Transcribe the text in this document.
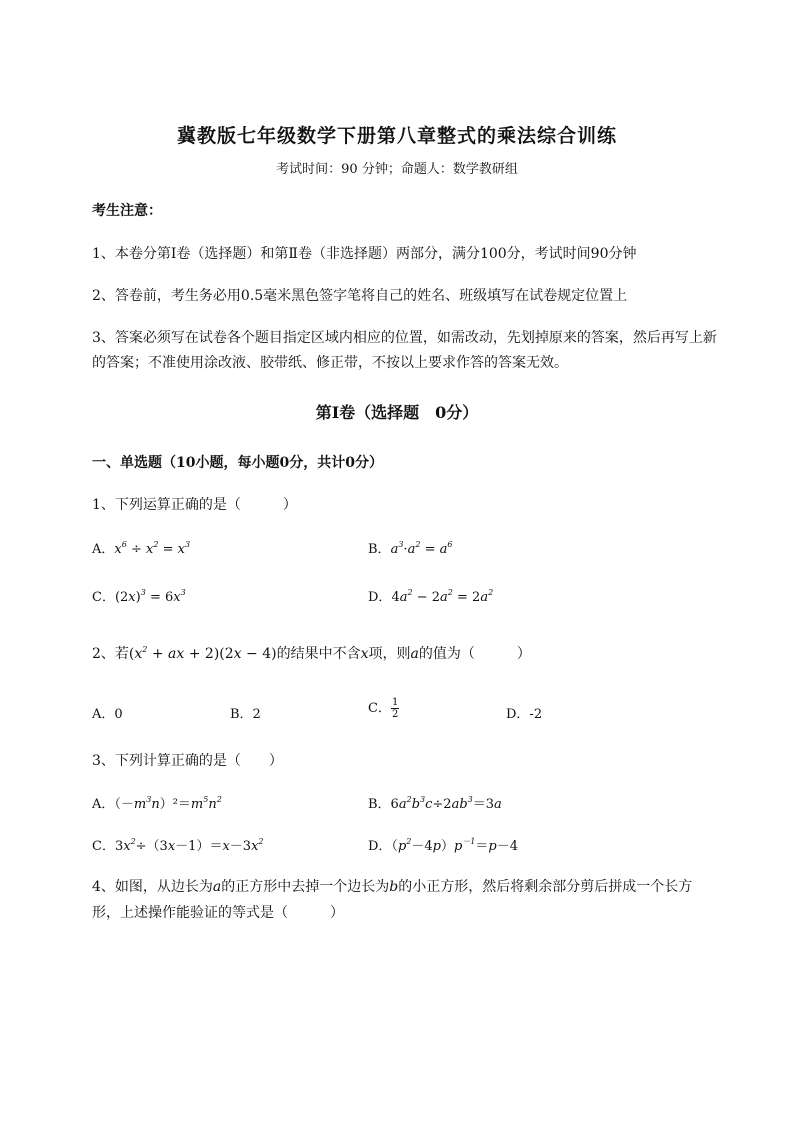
冀教版七年级数学下册第八章整式的乘法综合训练
考试时间：90 分钟；命题人：数学教研组
考生注意：
1、本卷分第Ⅰ卷（选择题）和第Ⅱ卷（非选择题）两部分，满分100分，考试时间90分钟
2、答卷前，考生务必用0.5毫米黑色签字笔将自己的姓名、班级填写在试卷规定位置上
3、答案必须写在试卷各个题目指定区域内相应的位置，如需改动，先划掉原来的答案，然后再写上新
的答案；不准使用涂改液、胶带纸、修正带，不按以上要求作答的答案无效。
第Ⅰ卷（选择题　0分）
一、单选题（10小题，每小题0分，共计0分）
1、下列运算正确的是（　　　）
A．$x^6 \div x^2 = x^3$	B．$a^3\cdot a^2 = a^6$
C．$(2x)^3 = 6x^3$	D．$4a^2 - 2a^2 = 2a^2$
2、若($x^2$ + ax + 2)(2x − 4)的结果中不含x项，则a的值为（　　　）
A．0	B．2	C． $\frac{1}{2}$	D．-2
3、下列计算正确的是（　　）
A．$(-m^3n)^2=m^5n^2$	B．$6a^2b^3c\div 2ab^3=3a$
C．$3x^2\div(3x-1)=x-3x^2$	D．$(p^2-4p)p^{-1}=p-4$
4、如图，从边长为a的正方形中去掉一个边长为b的小正方形，然后将剩余部分剪后拼成一个长方
形，上述操作能验证的等式是（　　　）
